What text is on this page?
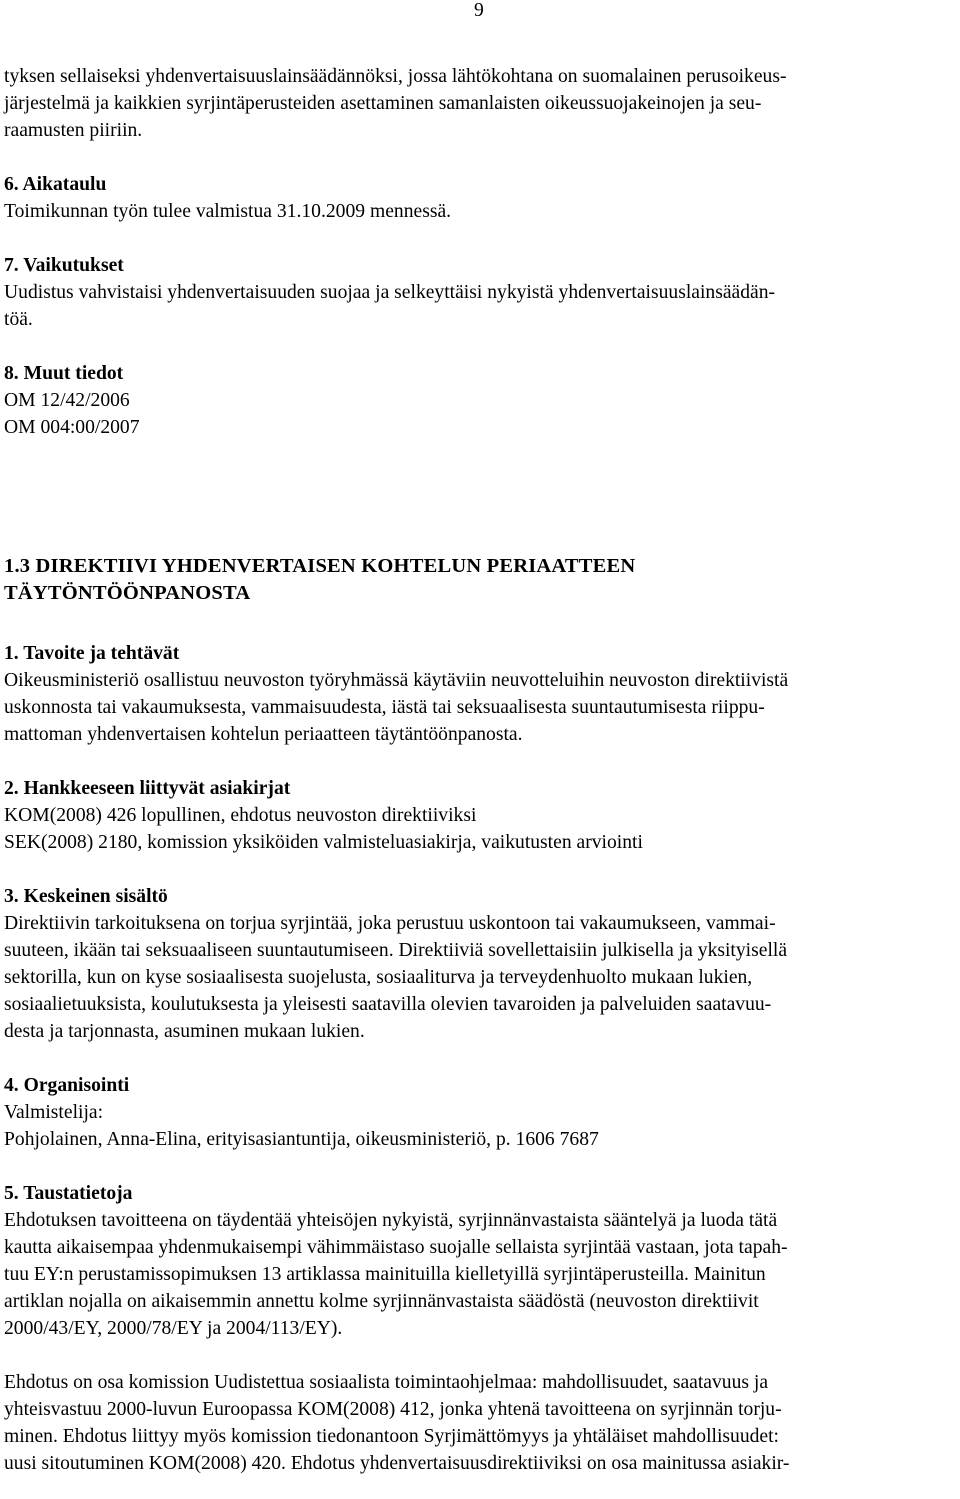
9
tyksen sellaiseksi yhdenvertaisuuslainsäädännöksi, jossa lähtökohtana on suomalainen perusoikeus-
järjestelmä ja kaikkien syrjintäperusteiden asettaminen samanlaisten oikeussuojakeinojen ja seu-
raamusten piiriin.
6. Aikataulu
Toimikunnan työn tulee valmistua 31.10.2009 mennessä.
7. Vaikutukset
Uudistus vahvistaisi yhdenvertaisuuden suojaa ja selkeyttäisi nykyistä yhdenvertaisuuslainsäädän-
töä.
8. Muut tiedot
OM 12/42/2006
OM 004:00/2007
1.3 DIREKTIIVI YHDENVERTAISEN KOHTELUN PERIAATTEEN
TÄYTÖNTÖÖNPANOSTA
1. Tavoite ja tehtävät
Oikeusministeriö osallistuu neuvoston työryhmässä käytäviin neuvotteluihin neuvoston direktiivistä
uskonnosta tai vakaumuksesta, vammaisuudesta, iästä tai seksuaalisesta suuntautumisesta riippu-
mattoman yhdenvertaisen kohtelun periaatteen täytäntöönpanosta.
2. Hankkeeseen liittyvät asiakirjat
KOM(2008) 426 lopullinen, ehdotus neuvoston direktiiviksi
SEK(2008) 2180, komission yksiköiden valmisteluasiakirja, vaikutusten arviointi
3. Keskeinen sisältö
Direktiivin tarkoituksena on torjua syrjintää, joka perustuu uskontoon tai vakaumukseen, vammai-
suuteen, ikään tai seksuaaliseen suuntautumiseen. Direktiiviä sovellettaisiin julkisella ja yksityisellä
sektorilla, kun on kyse sosiaalisesta suojelusta, sosiaaliturva ja terveydenhuolto mukaan lukien,
sosiaalietuuksista, koulutuksesta ja yleisesti saatavilla olevien tavaroiden ja palveluiden saatavuu-
desta ja tarjonnasta, asuminen mukaan lukien.
4. Organisointi
Valmistelija:
Pohjolainen, Anna-Elina, erityisasiantuntija, oikeusministeriö, p. 1606 7687
5. Taustatietoja
Ehdotuksen tavoitteena on täydentää yhteisöjen nykyistä, syrjinnänvastaista sääntelyä ja luoda tätä
kautta aikaisempaa yhdenmukaisempi vähimmäistaso suojalle sellaista syrjintää vastaan, jota tapah-
tuu EY:n perustamissopimuksen 13 artiklassa mainituilla kielletyillä syrjintäperusteilla. Mainitun
artiklan nojalla on aikaisemmin annettu kolme syrjinnänvastaista säädöstä (neuvoston direktiivit
2000/43/EY, 2000/78/EY ja 2004/113/EY).
Ehdotus on osa komission Uudistettua sosiaalista toimintaohjelmaa: mahdollisuudet, saatavuus ja
yhteisvastuu 2000-luvun Euroopassa KOM(2008) 412, jonka yhtenä tavoitteena on syrjinnän torju-
minen. Ehdotus liittyy myös komission tiedonantoon Syrjimättömyys ja yhtäläiset mahdollisuudet:
uusi sitoutuminen KOM(2008) 420. Ehdotus yhdenvertaisuusdirektiiviksi on osa mainitussa asiakir-
